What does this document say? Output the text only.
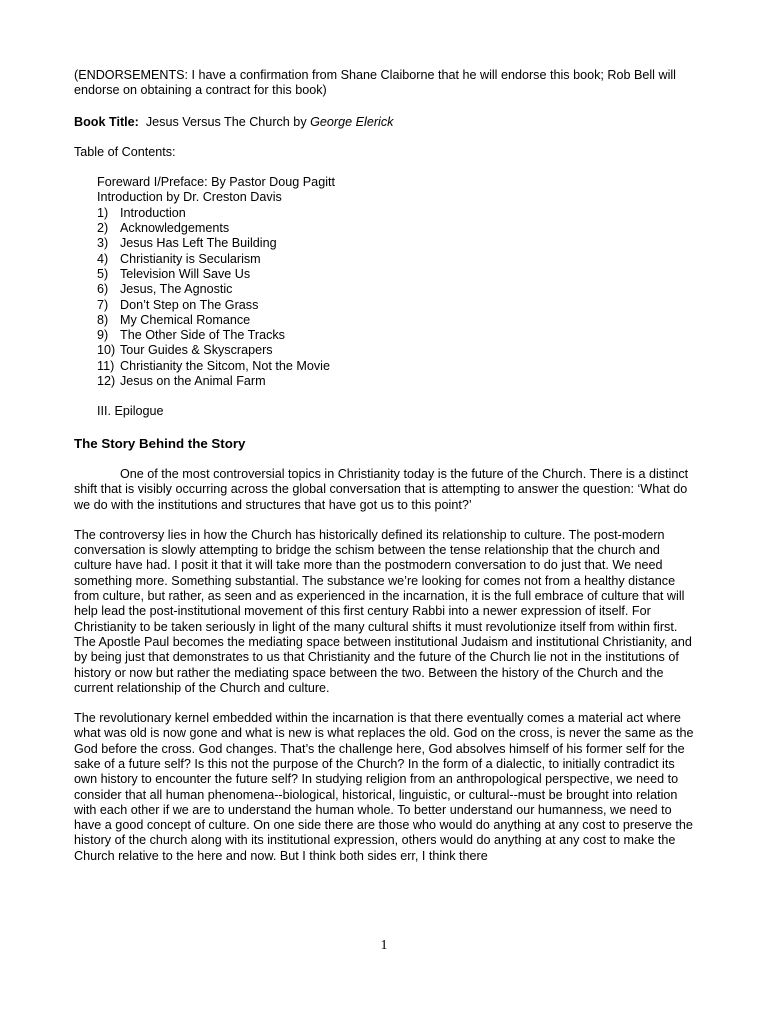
(ENDORSEMENTS: I have a confirmation from Shane Claiborne that he will endorse this book; Rob Bell will endorse on obtaining a contract for this book)

Book Title: Jesus Versus The Church by George Elerick

Table of Contents:

Foreward I/Preface: By Pastor Doug Pagitt
Introduction by Dr. Creston Davis
1) Introduction
2) Acknowledgements
3) Jesus Has Left The Building
4) Christianity is Secularism
5) Television Will Save Us
6) Jesus, The Agnostic
7) Don’t Step on The Grass
8) My Chemical Romance
9) The Other Side of The Tracks
10) Tour Guides & Skyscrapers
11) Christianity the Sitcom, Not the Movie
12) Jesus on the Animal Farm

III. Epilogue

The Story Behind the Story

One of the most controversial topics in Christianity today is the future of the Church. There is a distinct shift that is visibly occurring across the global conversation that is attempting to answer the question: ‘What do we do with the institutions and structures that have got us to this point?’

The controversy lies in how the Church has historically defined its relationship to culture. The post-modern conversation is slowly attempting to bridge the schism between the tense relationship that the church and culture have had. I posit it that it will take more than the postmodern conversation to do just that. We need something more. Something substantial. The substance we’re looking for comes not from a healthy distance from culture, but rather, as seen and as experienced in the incarnation, it is the full embrace of culture that will help lead the post-institutional movement of this first century Rabbi into a newer expression of itself. For Christianity to be taken seriously in light of the many cultural shifts it must revolutionize itself from within first. The Apostle Paul becomes the mediating space between institutional Judaism and institutional Christianity, and by being just that demonstrates to us that Christianity and the future of the Church lie not in the institutions of history or now but rather the mediating space between the two. Between the history of the Church and the current relationship of the Church and culture.

The revolutionary kernel embedded within the incarnation is that there eventually comes a material act where what was old is now gone and what is new is what replaces the old. God on the cross, is never the same as the God before the cross. God changes. That’s the challenge here, God absolves himself of his former self for the sake of a future self? Is this not the purpose of the Church? In the form of a dialectic, to initially contradict its own history to encounter the future self? In studying religion from an anthropological perspective, we need to consider that all human phenomena--biological, historical, linguistic, or cultural--must be brought into relation with each other if we are to understand the human whole. To better understand our humanness, we need to have a good concept of culture. On one side there are those who would do anything at any cost to preserve the history of the church along with its institutional expression, others would do anything at any cost to make the Church relative to the here and now. But I think both sides err, I think there

1
